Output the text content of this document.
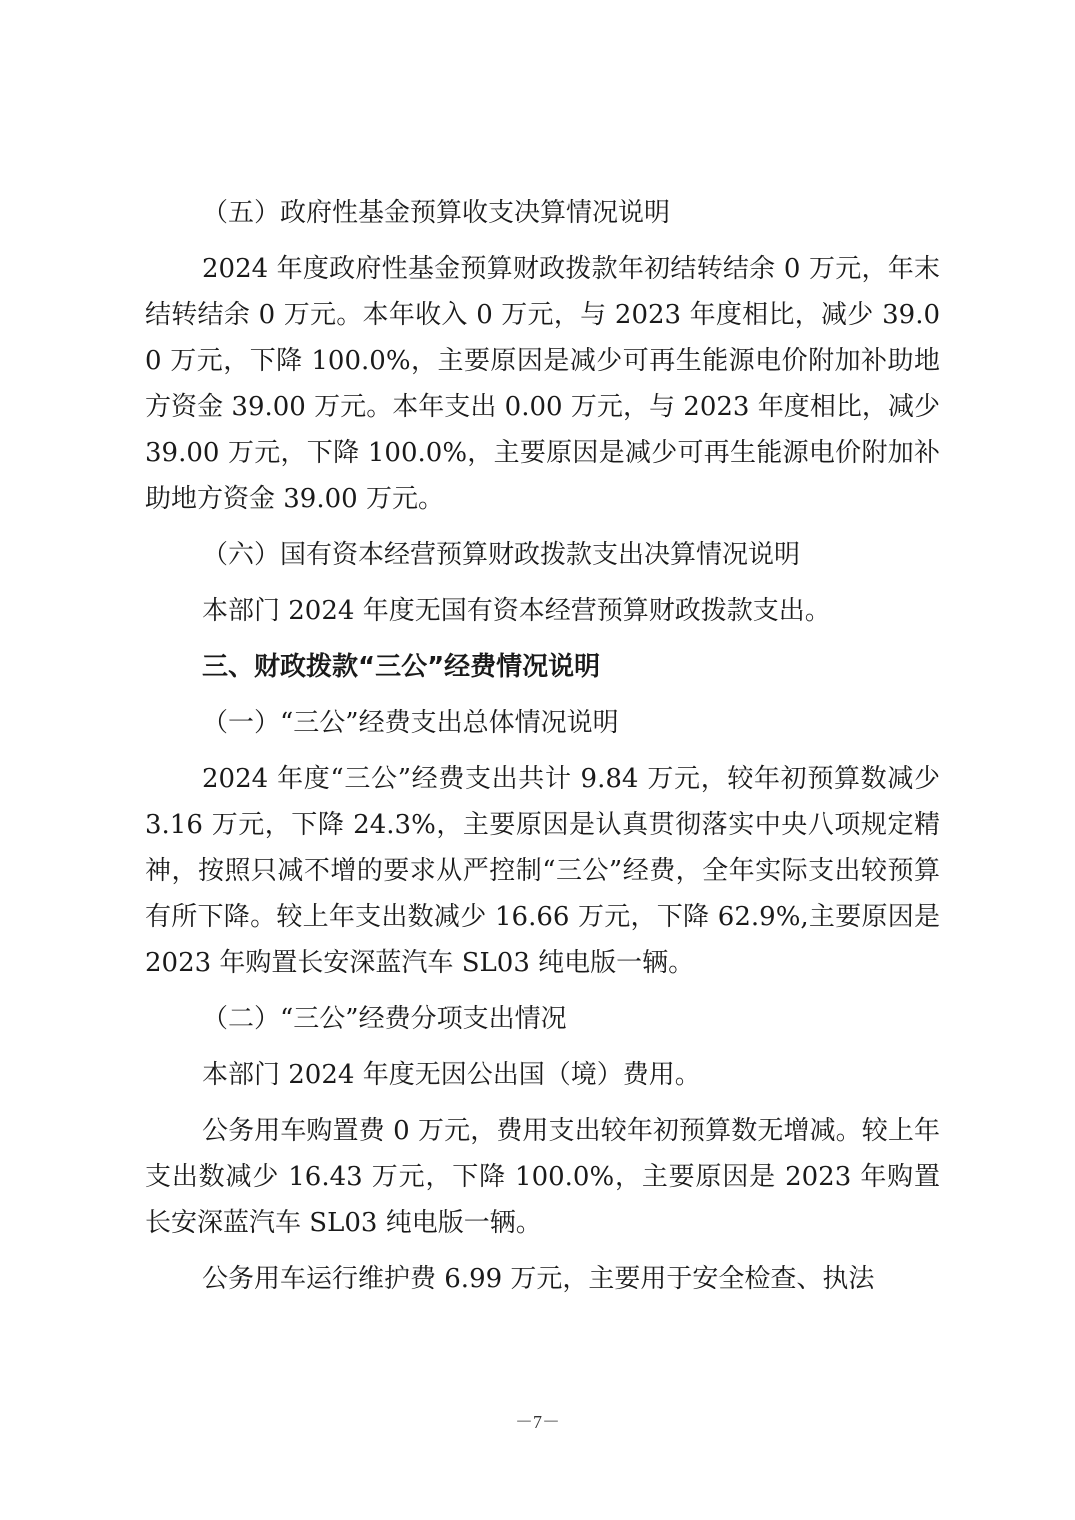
（五）政府性基金预算收支决算情况说明

2024 年度政府性基金预算财政拨款年初结转结余 0 万元，年末结转结余 0 万元。本年收入 0 万元，与 2023 年度相比，减少 39.00 万元，下降 100.0%，主要原因是减少可再生能源电价附加补助地方资金 39.00 万元。本年支出 0.00 万元，与 2023 年度相比，减少 39.00 万元，下降 100.0%，主要原因是减少可再生能源电价附加补助地方资金 39.00 万元。

（六）国有资本经营预算财政拨款支出决算情况说明

本部门 2024 年度无国有资本经营预算财政拨款支出。

三、财政拨款“三公”经费情况说明

（一）“三公”经费支出总体情况说明

2024 年度“三公”经费支出共计 9.84 万元，较年初预算数减少 3.16 万元，下降 24.3%，主要原因是认真贯彻落实中央八项规定精神，按照只减不增的要求从严控制“三公”经费，全年实际支出较预算有所下降。较上年支出数减少 16.66 万元，下降 62.9%,主要原因是 2023 年购置长安深蓝汽车 SL03 纯电版一辆。

（二）“三公”经费分项支出情况

本部门 2024 年度无因公出国（境）费用。

公务用车购置费 0 万元，费用支出较年初预算数无增减。较上年支出数减少 16.43 万元，下降 100.0%，主要原因是 2023 年购置长安深蓝汽车 SL03 纯电版一辆。

公务用车运行维护费 6.99 万元，主要用于安全检查、执法

－7－
